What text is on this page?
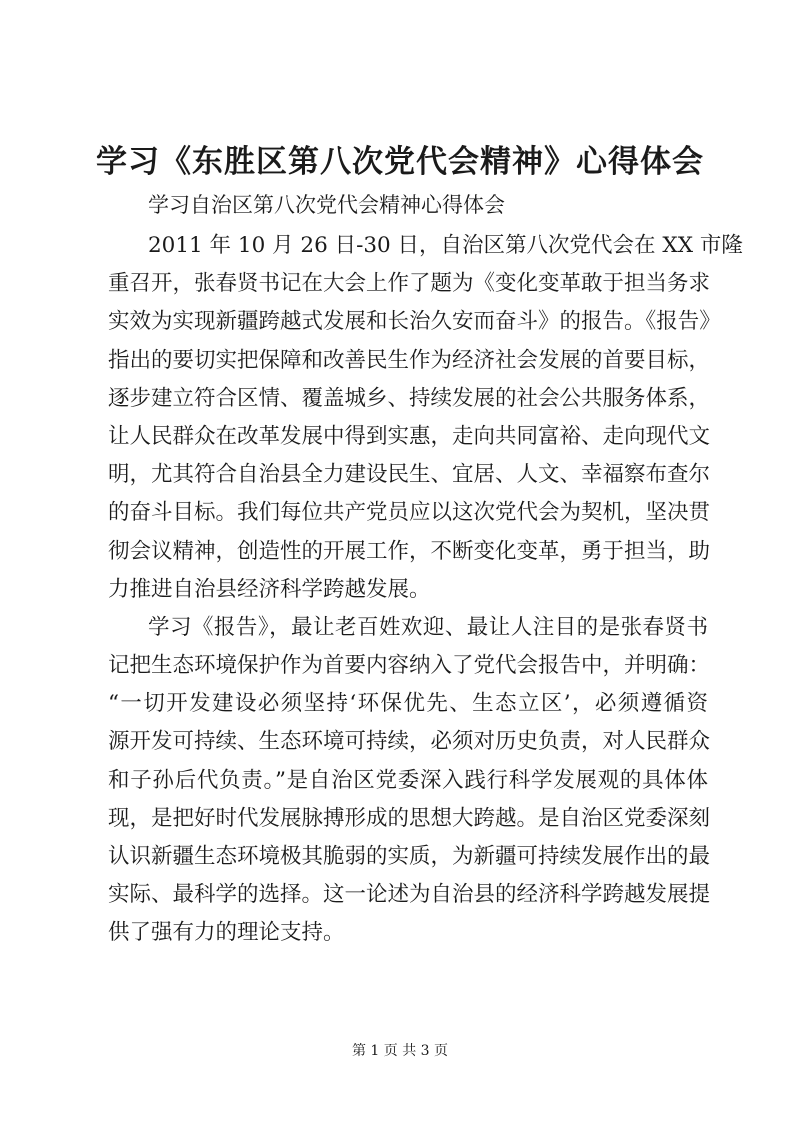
学习《东胜区第八次党代会精神》心得体会
学习自治区第八次党代会精神心得体会
2011 年 10 月 26 日-30 日，自治区第八次党代会在 XX 市隆
重召开，张春贤书记在大会上作了题为《变化变革敢于担当务求
实效为实现新疆跨越式发展和长治久安而奋斗》的报告。《报告》
指出的要切实把保障和改善民生作为经济社会发展的首要目标，
逐步建立符合区情、覆盖城乡、持续发展的社会公共服务体系，
让人民群众在改革发展中得到实惠，走向共同富裕、走向现代文
明，尤其符合自治县全力建设民生、宜居、人文、幸福察布查尔
的奋斗目标。我们每位共产党员应以这次党代会为契机，坚决贯
彻会议精神，创造性的开展工作，不断变化变革，勇于担当，助
力推进自治县经济科学跨越发展。
学习《报告》，最让老百姓欢迎、最让人注目的是张春贤书
记把生态环境保护作为首要内容纳入了党代会报告中，并明确：
“一切开发建设必须坚持‘环保优先、生态立区’，必须遵循资
源开发可持续、生态环境可持续，必须对历史负责，对人民群众
和子孙后代负责。”是自治区党委深入践行科学发展观的具体体
现，是把好时代发展脉搏形成的思想大跨越。是自治区党委深刻
认识新疆生态环境极其脆弱的实质，为新疆可持续发展作出的最
实际、最科学的选择。这一论述为自治县的经济科学跨越发展提
供了强有力的理论支持。
第 1 页 共 3 页
